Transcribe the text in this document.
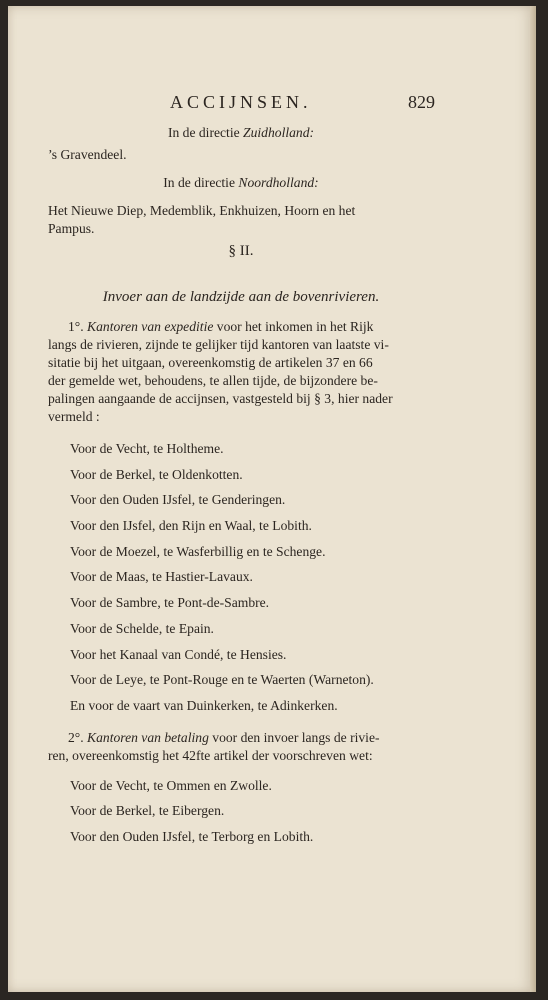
ACCIJNSEN.	829
In de directie Zuidholland:
’s Gravendeel.
In de directie Noordholland:
Het Nieuwe Diep, Medemblik, Enkhuizen, Hoorn en het
Pampus.
§ II.
Invoer aan de landzijde aan de bovenrivieren.
1°. Kantoren van expeditie voor het inkomen in het Rijk
langs de rivieren, zijnde te gelijker tijd kantoren van laatste vi-
sitatie bij het uitgaan, overeenkomstig de artikelen 37 en 66
der gemelde wet, behoudens, te allen tijde, de bijzondere be-
palingen aangaande de accijnsen, vastgesteld bij § 3, hier nader
vermeld :
Voor de Vecht, te Holtheme.
Voor de Berkel, te Oldenkotten.
Voor den Ouden IJsfel, te Genderingen.
Voor den IJsfel, den Rijn en Waal, te Lobith.
Voor de Moezel, te Wasferbillig en te Schenge.
Voor de Maas, te Hastier-Lavaux.
Voor de Sambre, te Pont-de-Sambre.
Voor de Schelde, te Epain.
Voor het Kanaal van Condé, te Hensies.
Voor de Leye, te Pont-Rouge en te Waerten (Warneton).
En voor de vaart van Duinkerken, te Adinkerken.
2°. Kantoren van betaling voor den invoer langs de rivie-
ren, overeenkomstig het 42fte artikel der voorschreven wet:
Voor de Vecht, te Ommen en Zwolle.
Voor de Berkel, te Eibergen.
Voor den Ouden IJsfel, te Terborg en Lobith.
